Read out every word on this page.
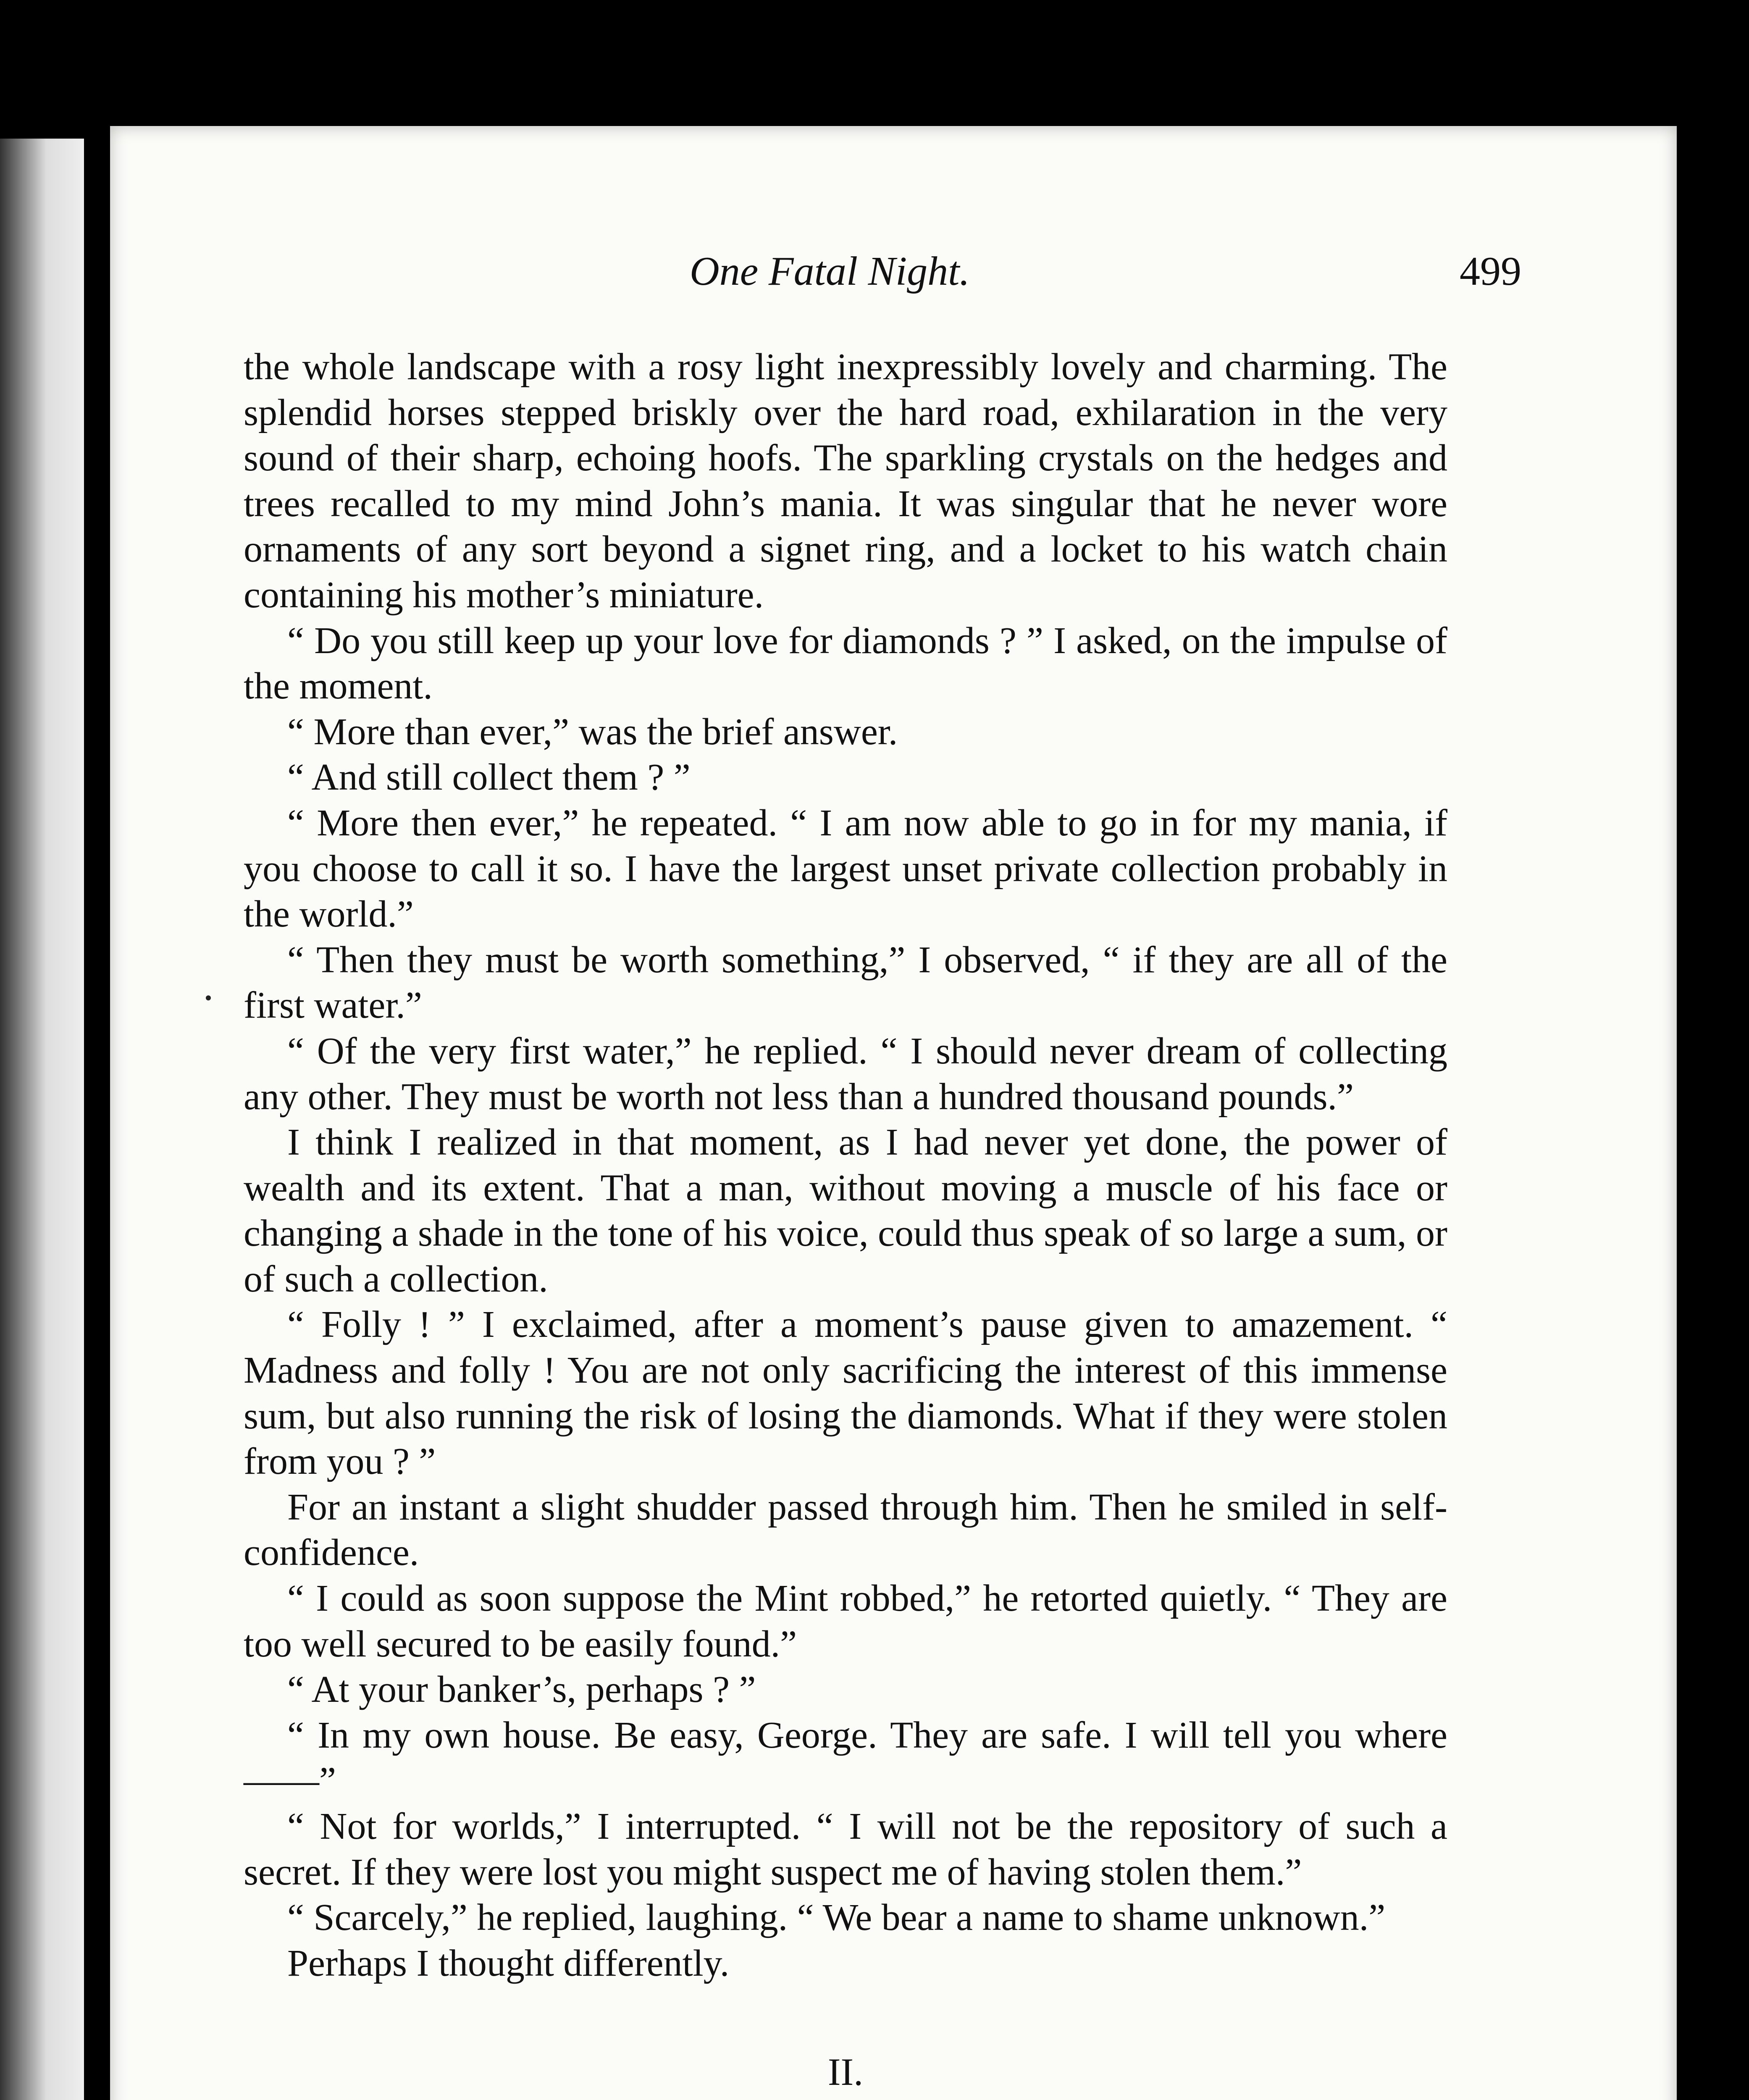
One Fatal Night.	499

the whole landscape with a rosy light inexpressibly lovely and charming. The splendid horses stepped briskly over the hard road, exhilaration in the very sound of their sharp, echoing hoofs. The sparkling crystals on the hedges and trees recalled to my mind John’s mania. It was singular that he never wore ornaments of any sort beyond a signet ring, and a locket to his watch chain containing his mother’s miniature.

“ Do you still keep up your love for diamonds ? ” I asked, on the impulse of the moment.

“ More than ever,” was the brief answer.

“ And still collect them ? ”

“ More then ever,” he repeated. “ I am now able to go in for my mania, if you choose to call it so. I have the largest unset private collection probably in the world.”

“ Then they must be worth something,” I observed, “ if they are all of the first water.”

“ Of the very first water,” he replied. “ I should never dream of collecting any other. They must be worth not less than a hundred thousand pounds.”

I think I realized in that moment, as I had never yet done, the power of wealth and its extent. That a man, without moving a muscle of his face or changing a shade in the tone of his voice, could thus speak of so large a sum, or of such a collection.

“ Folly ! ” I exclaimed, after a moment’s pause given to amazement. “ Madness and folly ! You are not only sacrificing the interest of this immense sum, but also running the risk of losing the diamonds. What if they were stolen from you ? ”

For an instant a slight shudder passed through him. Then he smiled in self-confidence.

“ I could as soon suppose the Mint robbed,” he retorted quietly. “ They are too well secured to be easily found.”

“ At your banker’s, perhaps ? ”

“ In my own house. Be easy, George. They are safe. I will tell you where ——”

“ Not for worlds,” I interrupted. “ I will not be the repository of such a secret. If they were lost you might suspect me of having stolen them.”

“ Scarcely,” he replied, laughing. “ We bear a name to shame unknown.”

Perhaps I thought differently.

II.
